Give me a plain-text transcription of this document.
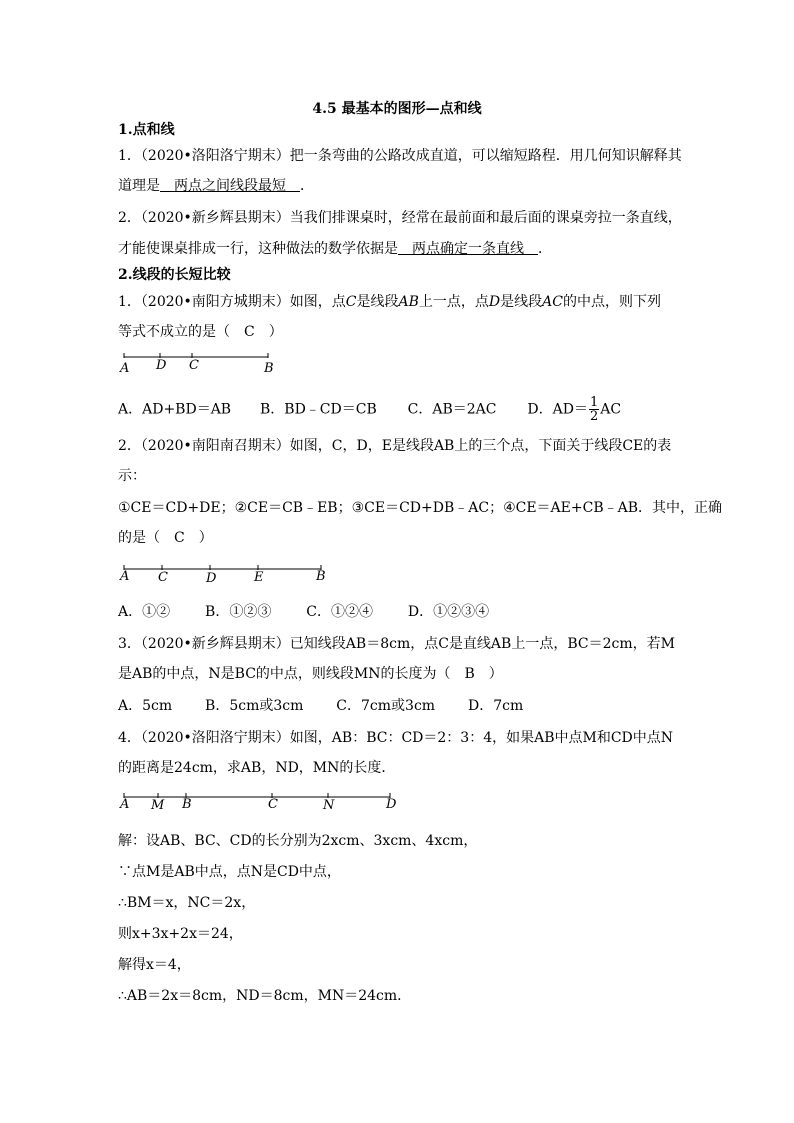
4.5 最基本的图形—点和线
1.点和线
1．（2020•洛阳洛宁期末）把一条弯曲的公路改成直道，可以缩短路程．用几何知识解释其
道理是　两点之间线段最短　．
2．（2020•新乡辉县期末）当我们排课桌时，经常在最前面和最后面的课桌旁拉一条直线，
才能使课桌排成一行，这种做法的数学依据是　两点确定一条直线　．
2.线段的长短比较
1．（2020•南阳方城期末）如图，点C是线段AB上一点，点D是线段AC的中点，则下列
等式不成立的是（　C　）
A D C	B
A．AD+BD＝AB B．BD﹣CD＝CB C．AB＝2AC D．$AD= \frac{1}{2}$ AC
2．（2020•南阳南召期末）如图，C，D，E是线段AB上的三个点，下面关于线段CE的表
示：
①CE＝CD+DE；②CE＝CB﹣EB；③CE＝CD+DB﹣AC；④CE＝AE+CB﹣AB．其中，正确
的是（　C　）
A C	D	E	B
A．①② B．①②③ C．①②④ D．①②③④
3．（2020•新乡辉县期末）已知线段AB＝8cm，点C是直线AB上一点，BC＝2cm，若M
是AB的中点，N是BC的中点，则线段MN的长度为（　B　）
A．5cm B．5cm或3cm C．7cm或3cm D．7cm
4．（2020•洛阳洛宁期末）如图，AB：BC：CD＝2：3：4，如果AB中点M和CD中点N
的距离是24cm，求AB，ND，MN的长度．
A M B	C	N	D
解：设AB、BC、CD的长分别为2xcm、3xcm、4xcm，
∵点M是AB中点，点N是CD中点，
∴BM＝x，NC＝2x，
则x+3x+2x＝24，
解得x＝4，
∴AB＝2x＝8cm，ND＝8cm，MN＝24cm．
